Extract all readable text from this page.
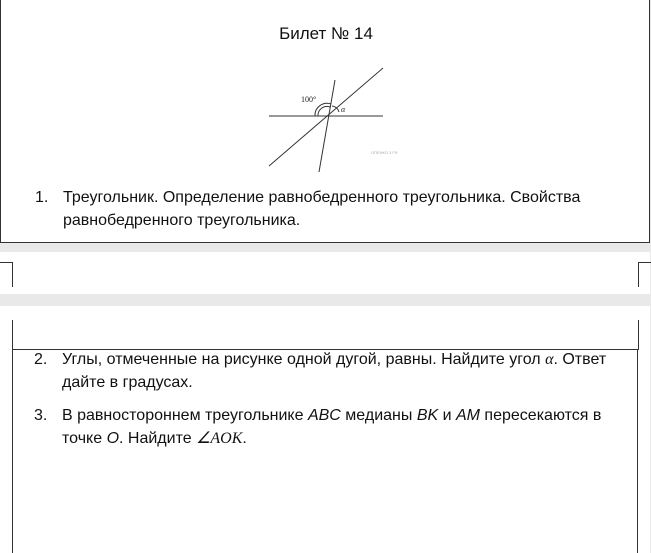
Билет № 14
100°
α
ОПЕНКО 3 ГФ
1. Треугольник. Определение равнобедренного треугольника. Свойства равнобедренного треугольника.
2. Углы, отмеченные на рисунке одной дугой, равны. Найдите угол α. Ответ дайте в градусах.
3. В равностороннем треугольнике ABC медианы BK и AM пересекаются в точке O. Найдите ∠AOK.
